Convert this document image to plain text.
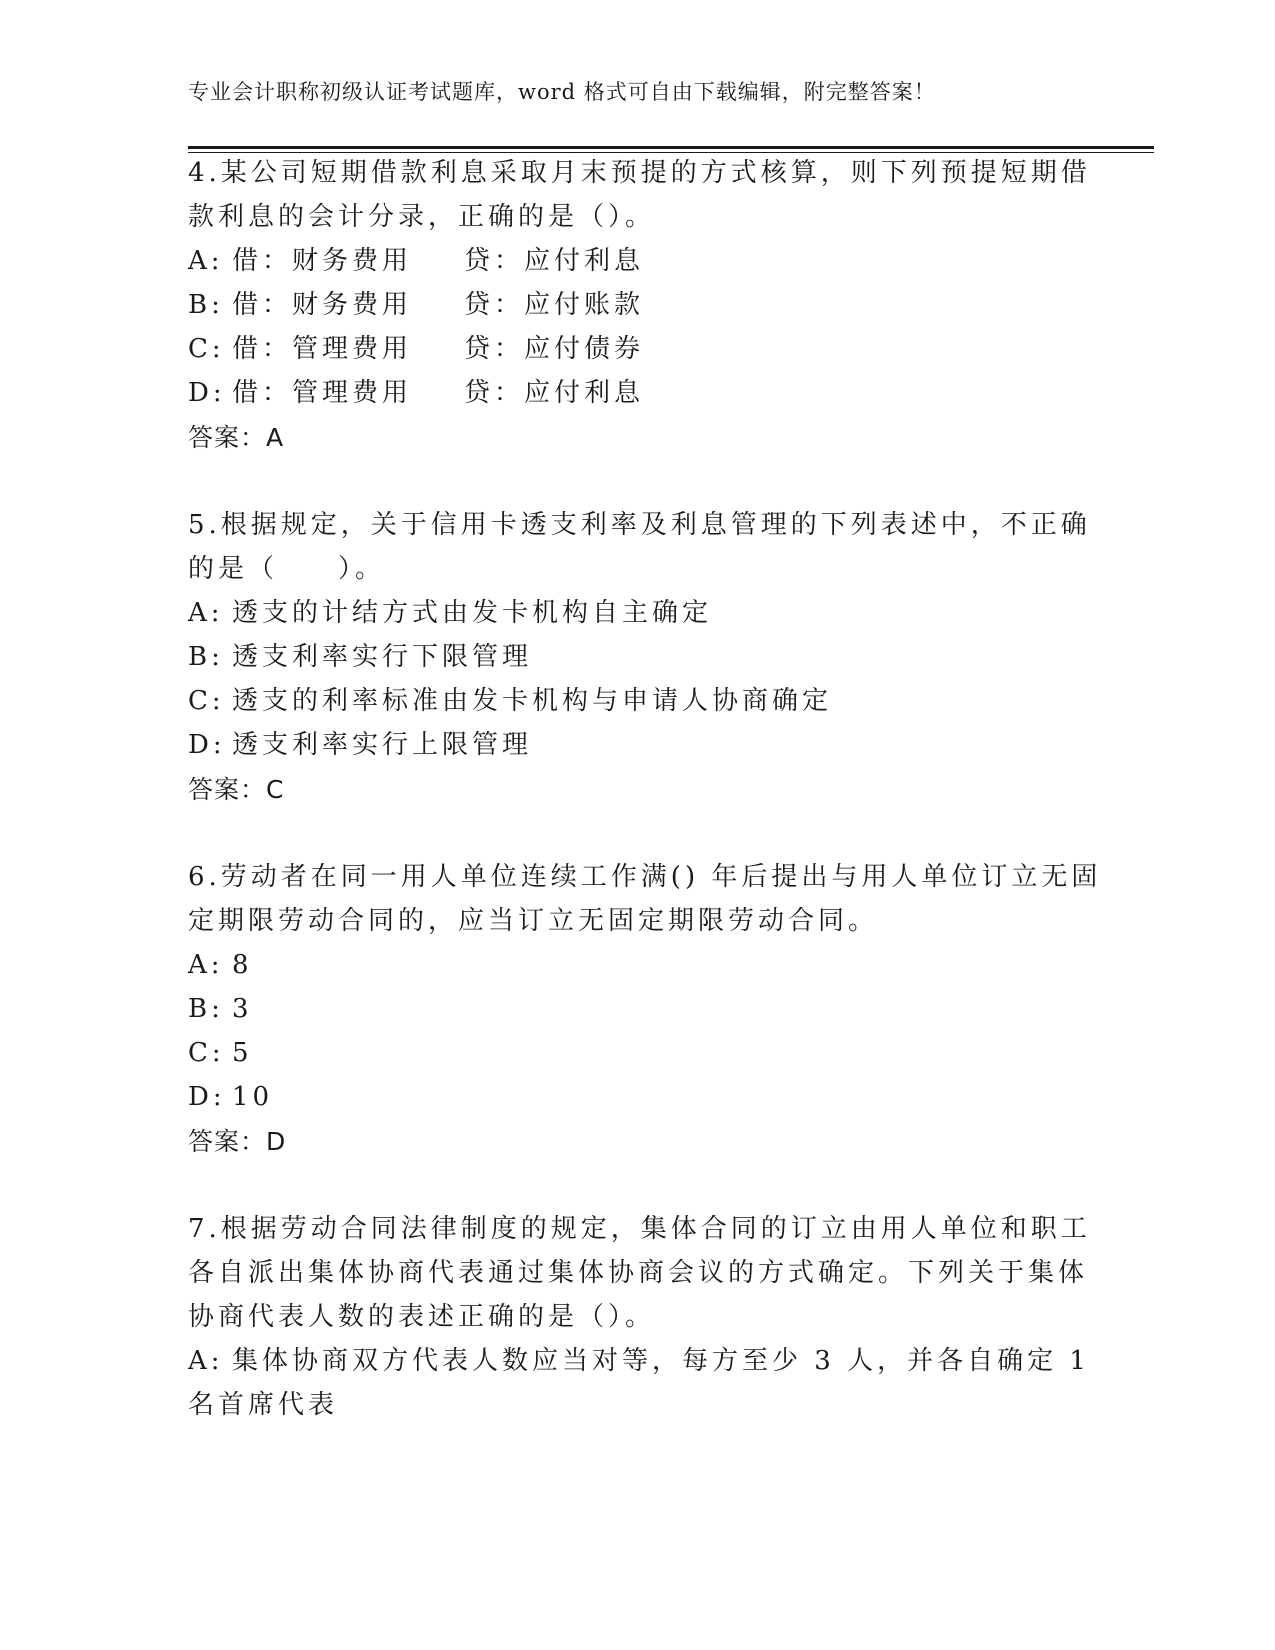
专业会计职称初级认证考试题库，word 格式可自由下载编辑，附完整答案！
4.某公司短期借款利息采取月末预提的方式核算，则下列预提短期借
款利息的会计分录，正确的是（）。
A: 借：财务费用 贷：应付利息
B: 借：财务费用 贷：应付账款
C: 借：管理费用 贷：应付债券
D: 借：管理费用 贷：应付利息
答案：A
5.根据规定，关于信用卡透支利率及利息管理的下列表述中，不正确
的是（　　）。
A: 透支的计结方式由发卡机构自主确定
B: 透支利率实行下限管理
C: 透支的利率标准由发卡机构与申请人协商确定
D: 透支利率实行上限管理
答案：C
6.劳动者在同一用人单位连续工作满() 年后提出与用人单位订立无固
定期限劳动合同的，应当订立无固定期限劳动合同。
A: 8
B: 3
C: 5
D: 10
答案：D
7.根据劳动合同法律制度的规定，集体合同的订立由用人单位和职工
各自派出集体协商代表通过集体协商会议的方式确定。下列关于集体
协商代表人数的表述正确的是（）。
A: 集体协商双方代表人数应当对等，每方至少 3 人，并各自确定 1
名首席代表
